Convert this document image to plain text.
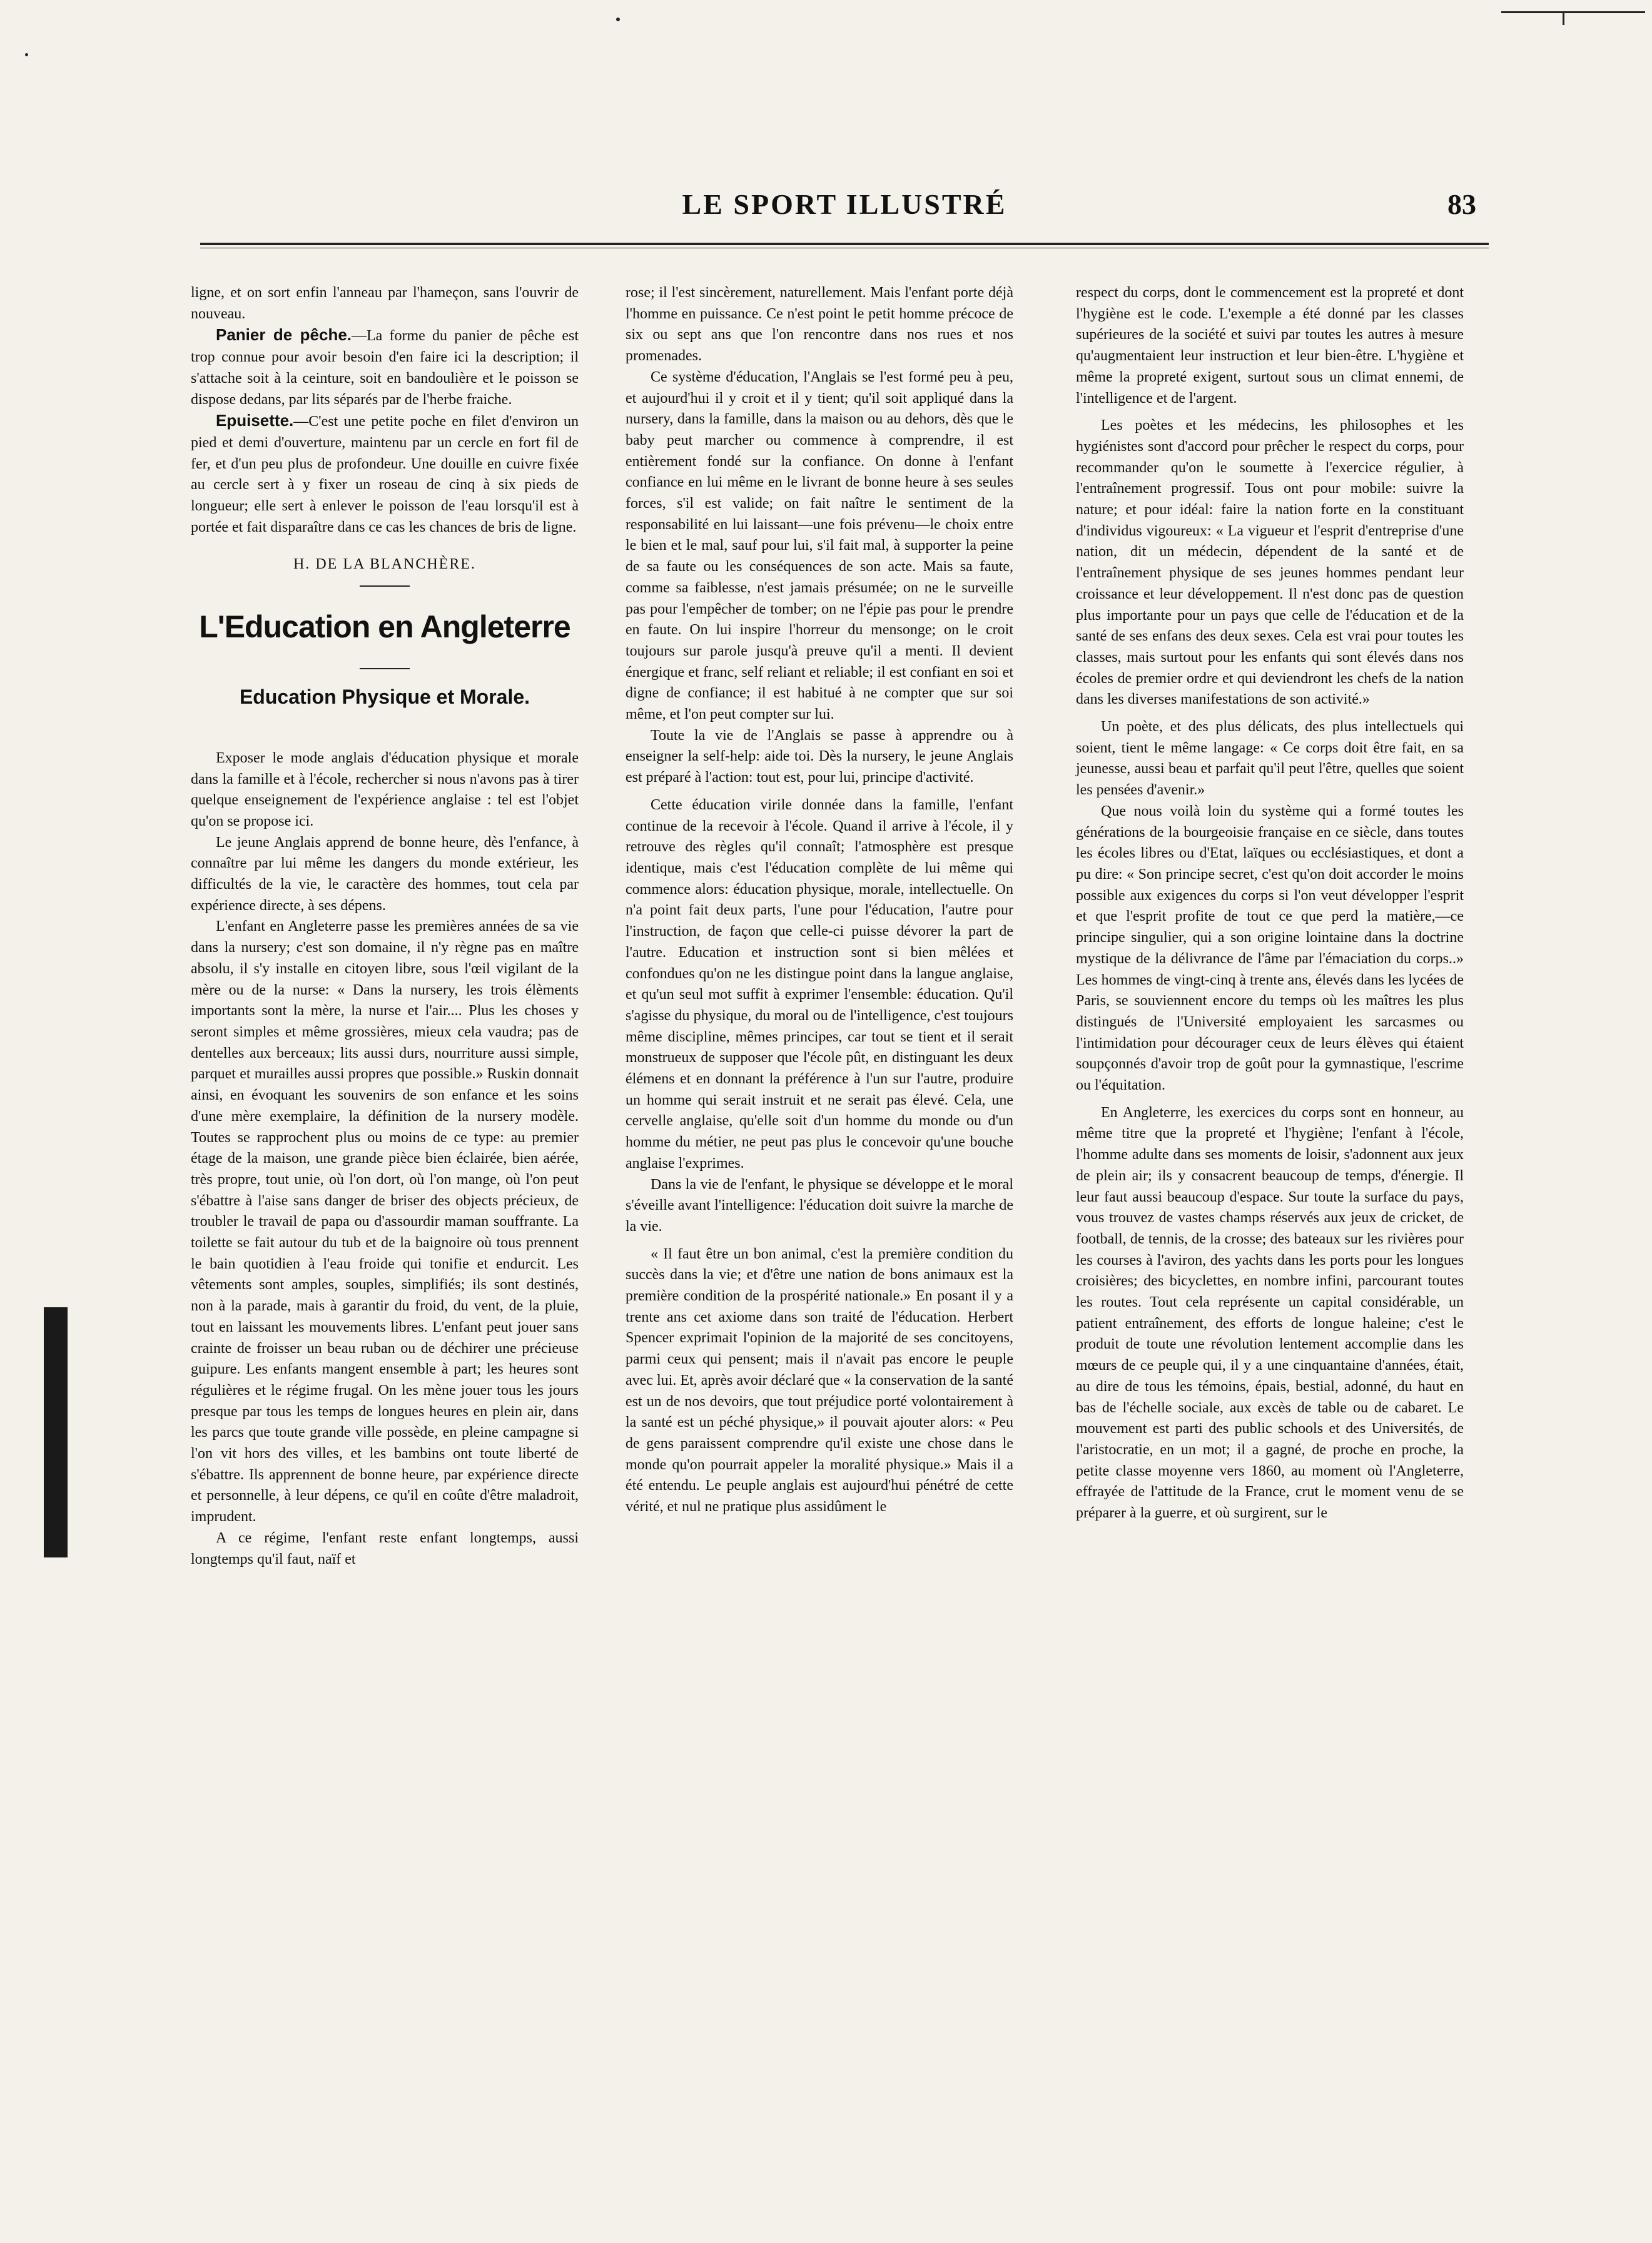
LE SPORT ILLUSTRÉ	83

ligne, et on sort enfin l'anneau par l'hameçon, sans l'ouvrir de nouveau.

Panier de pêche.—La forme du panier de pêche est trop connue pour avoir besoin d'en faire ici la description; il s'attache soit à la ceinture, soit en bandoulière et le poisson se dispose dedans, par lits séparés par de l'herbe fraiche.

Epuisette.—C'est une petite poche en filet d'environ un pied et demi d'ouverture, maintenu par un cercle en fort fil de fer, et d'un peu plus de profondeur. Une douille en cuivre fixée au cercle sert à y fixer un roseau de cinq à six pieds de longueur; elle sert à enlever le poisson de l'eau lorsqu'il est à portée et fait disparaître dans ce cas les chances de bris de ligne.

H. DE LA BLANCHÈRE.

L'Education en Angleterre

Education Physique et Morale.

Exposer le mode anglais d'éducation physique et morale dans la famille et à l'école, rechercher si nous n'avons pas à tirer quelque enseignement de l'expérience anglaise : tel est l'objet qu'on se propose ici.

Le jeune Anglais apprend de bonne heure, dès l'enfance, à connaître par lui même les dangers du monde extérieur, les difficultés de la vie, le caractère des hommes, tout cela par expérience directe, à ses dépens.

L'enfant en Angleterre passe les premières années de sa vie dans la nursery; c'est son domaine, il n'y règne pas en maître absolu, il s'y installe en citoyen libre, sous l'œil vigilant de la mère ou de la nurse: « Dans la nursery, les trois élèments importants sont la mère, la nurse et l'air.... Plus les choses y seront simples et même grossières, mieux cela vaudra; pas de dentelles aux berceaux; lits aussi durs, nourriture aussi simple, parquet et murailles aussi propres que possible.» Ruskin donnait ainsi, en évoquant les souvenirs de son enfance et les soins d'une mère exemplaire, la définition de la nursery modèle. Toutes se rapprochent plus ou moins de ce type: au premier étage de la maison, une grande pièce bien éclairée, bien aérée, très propre, tout unie, où l'on dort, où l'on mange, où l'on peut s'ébattre à l'aise sans danger de briser des objects précieux, de troubler le travail de papa ou d'assourdir maman souffrante. La toilette se fait autour du tub et de la baignoire où tous prennent le bain quotidien à l'eau froide qui tonifie et endurcit. Les vêtements sont amples, souples, simplifiés; ils sont destinés, non à la parade, mais à garantir du froid, du vent, de la pluie, tout en laissant les mouvements libres. L'enfant peut jouer sans crainte de froisser un beau ruban ou de déchirer une précieuse guipure. Les enfants mangent ensemble à part; les heures sont régulières et le régime frugal. On les mène jouer tous les jours presque par tous les temps de longues heures en plein air, dans les parcs que toute grande ville possède, en pleine campagne si l'on vit hors des villes, et les bambins ont toute liberté de s'ébattre. Ils apprennent de bonne heure, par expérience directe et personnelle, à leur dépens, ce qu'il en coûte d'être maladroit, imprudent.

A ce régime, l'enfant reste enfant longtemps, aussi longtemps qu'il faut, naïf et

rose; il l'est sincèrement, naturellement. Mais l'enfant porte déjà l'homme en puissance. Ce n'est point le petit homme précoce de six ou sept ans que l'on rencontre dans nos rues et nos promenades.

Ce système d'éducation, l'Anglais se l'est formé peu à peu, et aujourd'hui il y croit et il y tient; qu'il soit appliqué dans la nursery, dans la famille, dans la maison ou au dehors, dès que le baby peut marcher ou commence à comprendre, il est entièrement fondé sur la confiance. On donne à l'enfant confiance en lui même en le livrant de bonne heure à ses seules forces, s'il est valide; on fait naître le sentiment de la responsabilité en lui laissant—une fois prévenu—le choix entre le bien et le mal, sauf pour lui, s'il fait mal, à supporter la peine de sa faute ou les conséquences de son acte. Mais sa faute, comme sa faiblesse, n'est jamais présumée; on ne le surveille pas pour l'empêcher de tomber; on ne l'épie pas pour le prendre en faute. On lui inspire l'horreur du mensonge; on le croit toujours sur parole jusqu'à preuve qu'il a menti. Il devient énergique et franc, self reliant et reliable; il est confiant en soi et digne de confiance; il est habitué à ne compter que sur soi même, et l'on peut compter sur lui.

Toute la vie de l'Anglais se passe à apprendre ou à enseigner la self-help: aide toi. Dès la nursery, le jeune Anglais est préparé à l'action: tout est, pour lui, principe d'activité.

Cette éducation virile donnée dans la famille, l'enfant continue de la recevoir à l'école. Quand il arrive à l'école, il y retrouve des règles qu'il connaît; l'atmosphère est presque identique, mais c'est l'éducation complète de lui même qui commence alors: éducation physique, morale, intellectuelle. On n'a point fait deux parts, l'une pour l'éducation, l'autre pour l'instruction, de façon que celle-ci puisse dévorer la part de l'autre. Education et instruction sont si bien mêlées et confondues qu'on ne les distingue point dans la langue anglaise, et qu'un seul mot suffit à exprimer l'ensemble: éducation. Qu'il s'agisse du physique, du moral ou de l'intelligence, c'est toujours même discipline, mêmes principes, car tout se tient et il serait monstrueux de supposer que l'école pût, en distinguant les deux élémens et en donnant la préférence à l'un sur l'autre, produire un homme qui serait instruit et ne serait pas élevé. Cela, une cervelle anglaise, qu'elle soit d'un homme du monde ou d'un homme du métier, ne peut pas plus le concevoir qu'une bouche anglaise l'exprimes.

Dans la vie de l'enfant, le physique se développe et le moral s'éveille avant l'intelligence: l'éducation doit suivre la marche de la vie.

« Il faut être un bon animal, c'est la première condition du succès dans la vie; et d'être une nation de bons animaux est la première condition de la prospérité nationale.» En posant il y a trente ans cet axiome dans son traité de l'éducation. Herbert Spencer exprimait l'opinion de la majorité de ses concitoyens, parmi ceux qui pensent; mais il n'avait pas encore le peuple avec lui. Et, après avoir déclaré que « la conservation de la santé est un de nos devoirs, que tout préjudice porté volontairement à la santé est un péché physique,» il pouvait ajouter alors: « Peu de gens paraissent comprendre qu'il existe une chose dans le monde qu'on pourrait appeler la moralité physique.» Mais il a été entendu. Le peuple anglais est aujourd'hui pénétré de cette vérité, et nul ne pratique plus assidûment le

respect du corps, dont le commencement est la propreté et dont l'hygiène est le code. L'exemple a été donné par les classes supérieures de la société et suivi par toutes les autres à mesure qu'augmentaient leur instruction et leur bien-être. L'hygiène et même la propreté exigent, surtout sous un climat ennemi, de l'intelligence et de l'argent.

Les poètes et les médecins, les philosophes et les hygiénistes sont d'accord pour prêcher le respect du corps, pour recommander qu'on le soumette à l'exercice régulier, à l'entraînement progressif. Tous ont pour mobile: suivre la nature; et pour idéal: faire la nation forte en la constituant d'individus vigoureux: « La vigueur et l'esprit d'entreprise d'une nation, dit un médecin, dépendent de la santé et de l'entraînement physique de ses jeunes hommes pendant leur croissance et leur développement. Il n'est donc pas de question plus importante pour un pays que celle de l'éducation et de la santé de ses enfans des deux sexes. Cela est vrai pour toutes les classes, mais surtout pour les enfants qui sont élevés dans nos écoles de premier ordre et qui deviendront les chefs de la nation dans les diverses manifestations de son activité.»

Un poète, et des plus délicats, des plus intellectuels qui soient, tient le même langage: « Ce corps doit être fait, en sa jeunesse, aussi beau et parfait qu'il peut l'être, quelles que soient les pensées d'avenir.»

Que nous voilà loin du système qui a formé toutes les générations de la bourgeoisie française en ce siècle, dans toutes les écoles libres ou d'Etat, laïques ou ecclésiastiques, et dont a pu dire: « Son principe secret, c'est qu'on doit accorder le moins possible aux exigences du corps si l'on veut développer l'esprit et que l'esprit profite de tout ce que perd la matière,—ce principe singulier, qui a son origine lointaine dans la doctrine mystique de la délivrance de l'âme par l'émaciation du corps..» Les hommes de vingt-cinq à trente ans, élevés dans les lycées de Paris, se souviennent encore du temps où les maîtres les plus distingués de l'Université employaient les sarcasmes ou l'intimidation pour décourager ceux de leurs élèves qui étaient soupçonnés d'avoir trop de goût pour la gymnastique, l'escrime ou l'équitation.

En Angleterre, les exercices du corps sont en honneur, au même titre que la propreté et l'hygiène; l'enfant à l'école, l'homme adulte dans ses moments de loisir, s'adonnent aux jeux de plein air; ils y consacrent beaucoup de temps, d'énergie. Il leur faut aussi beaucoup d'espace. Sur toute la surface du pays, vous trouvez de vastes champs réservés aux jeux de cricket, de football, de tennis, de la crosse; des bateaux sur les rivières pour les courses à l'aviron, des yachts dans les ports pour les longues croisières; des bicyclettes, en nombre infini, parcourant toutes les routes. Tout cela représente un capital considérable, un patient entraînement, des efforts de longue haleine; c'est le produit de toute une révolution lentement accomplie dans les mœurs de ce peuple qui, il y a une cinquantaine d'années, était, au dire de tous les témoins, épais, bestial, adonné, du haut en bas de l'échelle sociale, aux excès de table ou de cabaret. Le mouvement est parti des public schools et des Universités, de l'aristocratie, en un mot; il a gagné, de proche en proche, la petite classe moyenne vers 1860, au moment où l'Angleterre, effrayée de l'attitude de la France, crut le moment venu de se préparer à la guerre, et où surgirent, sur le
